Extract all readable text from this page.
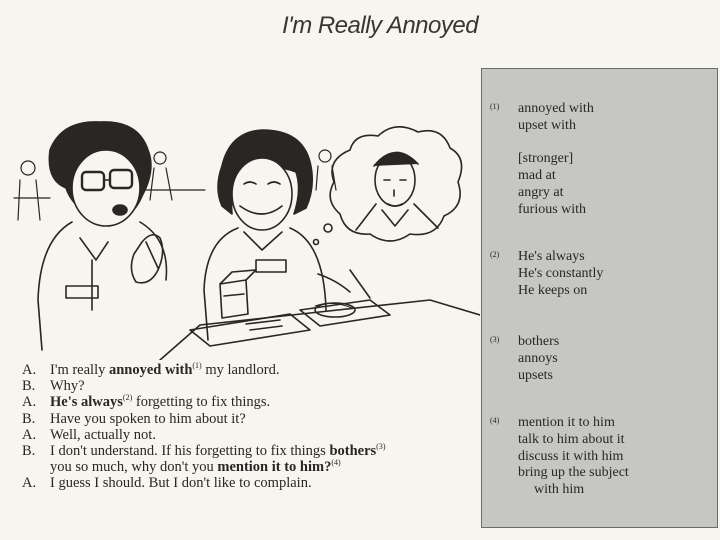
I'm Really Annoyed
A. I'm really annoyed with$^{(1)}$ my landlord.
B.	Why?
A. He's always$^{(2)}$ forgetting to fix things.
B.	Have you spoken to him about it?
A. Well, actually not.
B.	I don't understand. If his forgetting to fix things bothers$^{(3)}$
you so much, why don't you mention it to him?$^{(4)}$
A. I guess I should. But I don't like to complain.
(1) annoyed with
upset with

[stronger]
mad at
angry at
furious with
(2) He's always
He's constantly
He keeps on
(3) bothers
annoys
upsets
(4) mention it to him
talk to him about it
discuss it with him
bring up the subject
with him
